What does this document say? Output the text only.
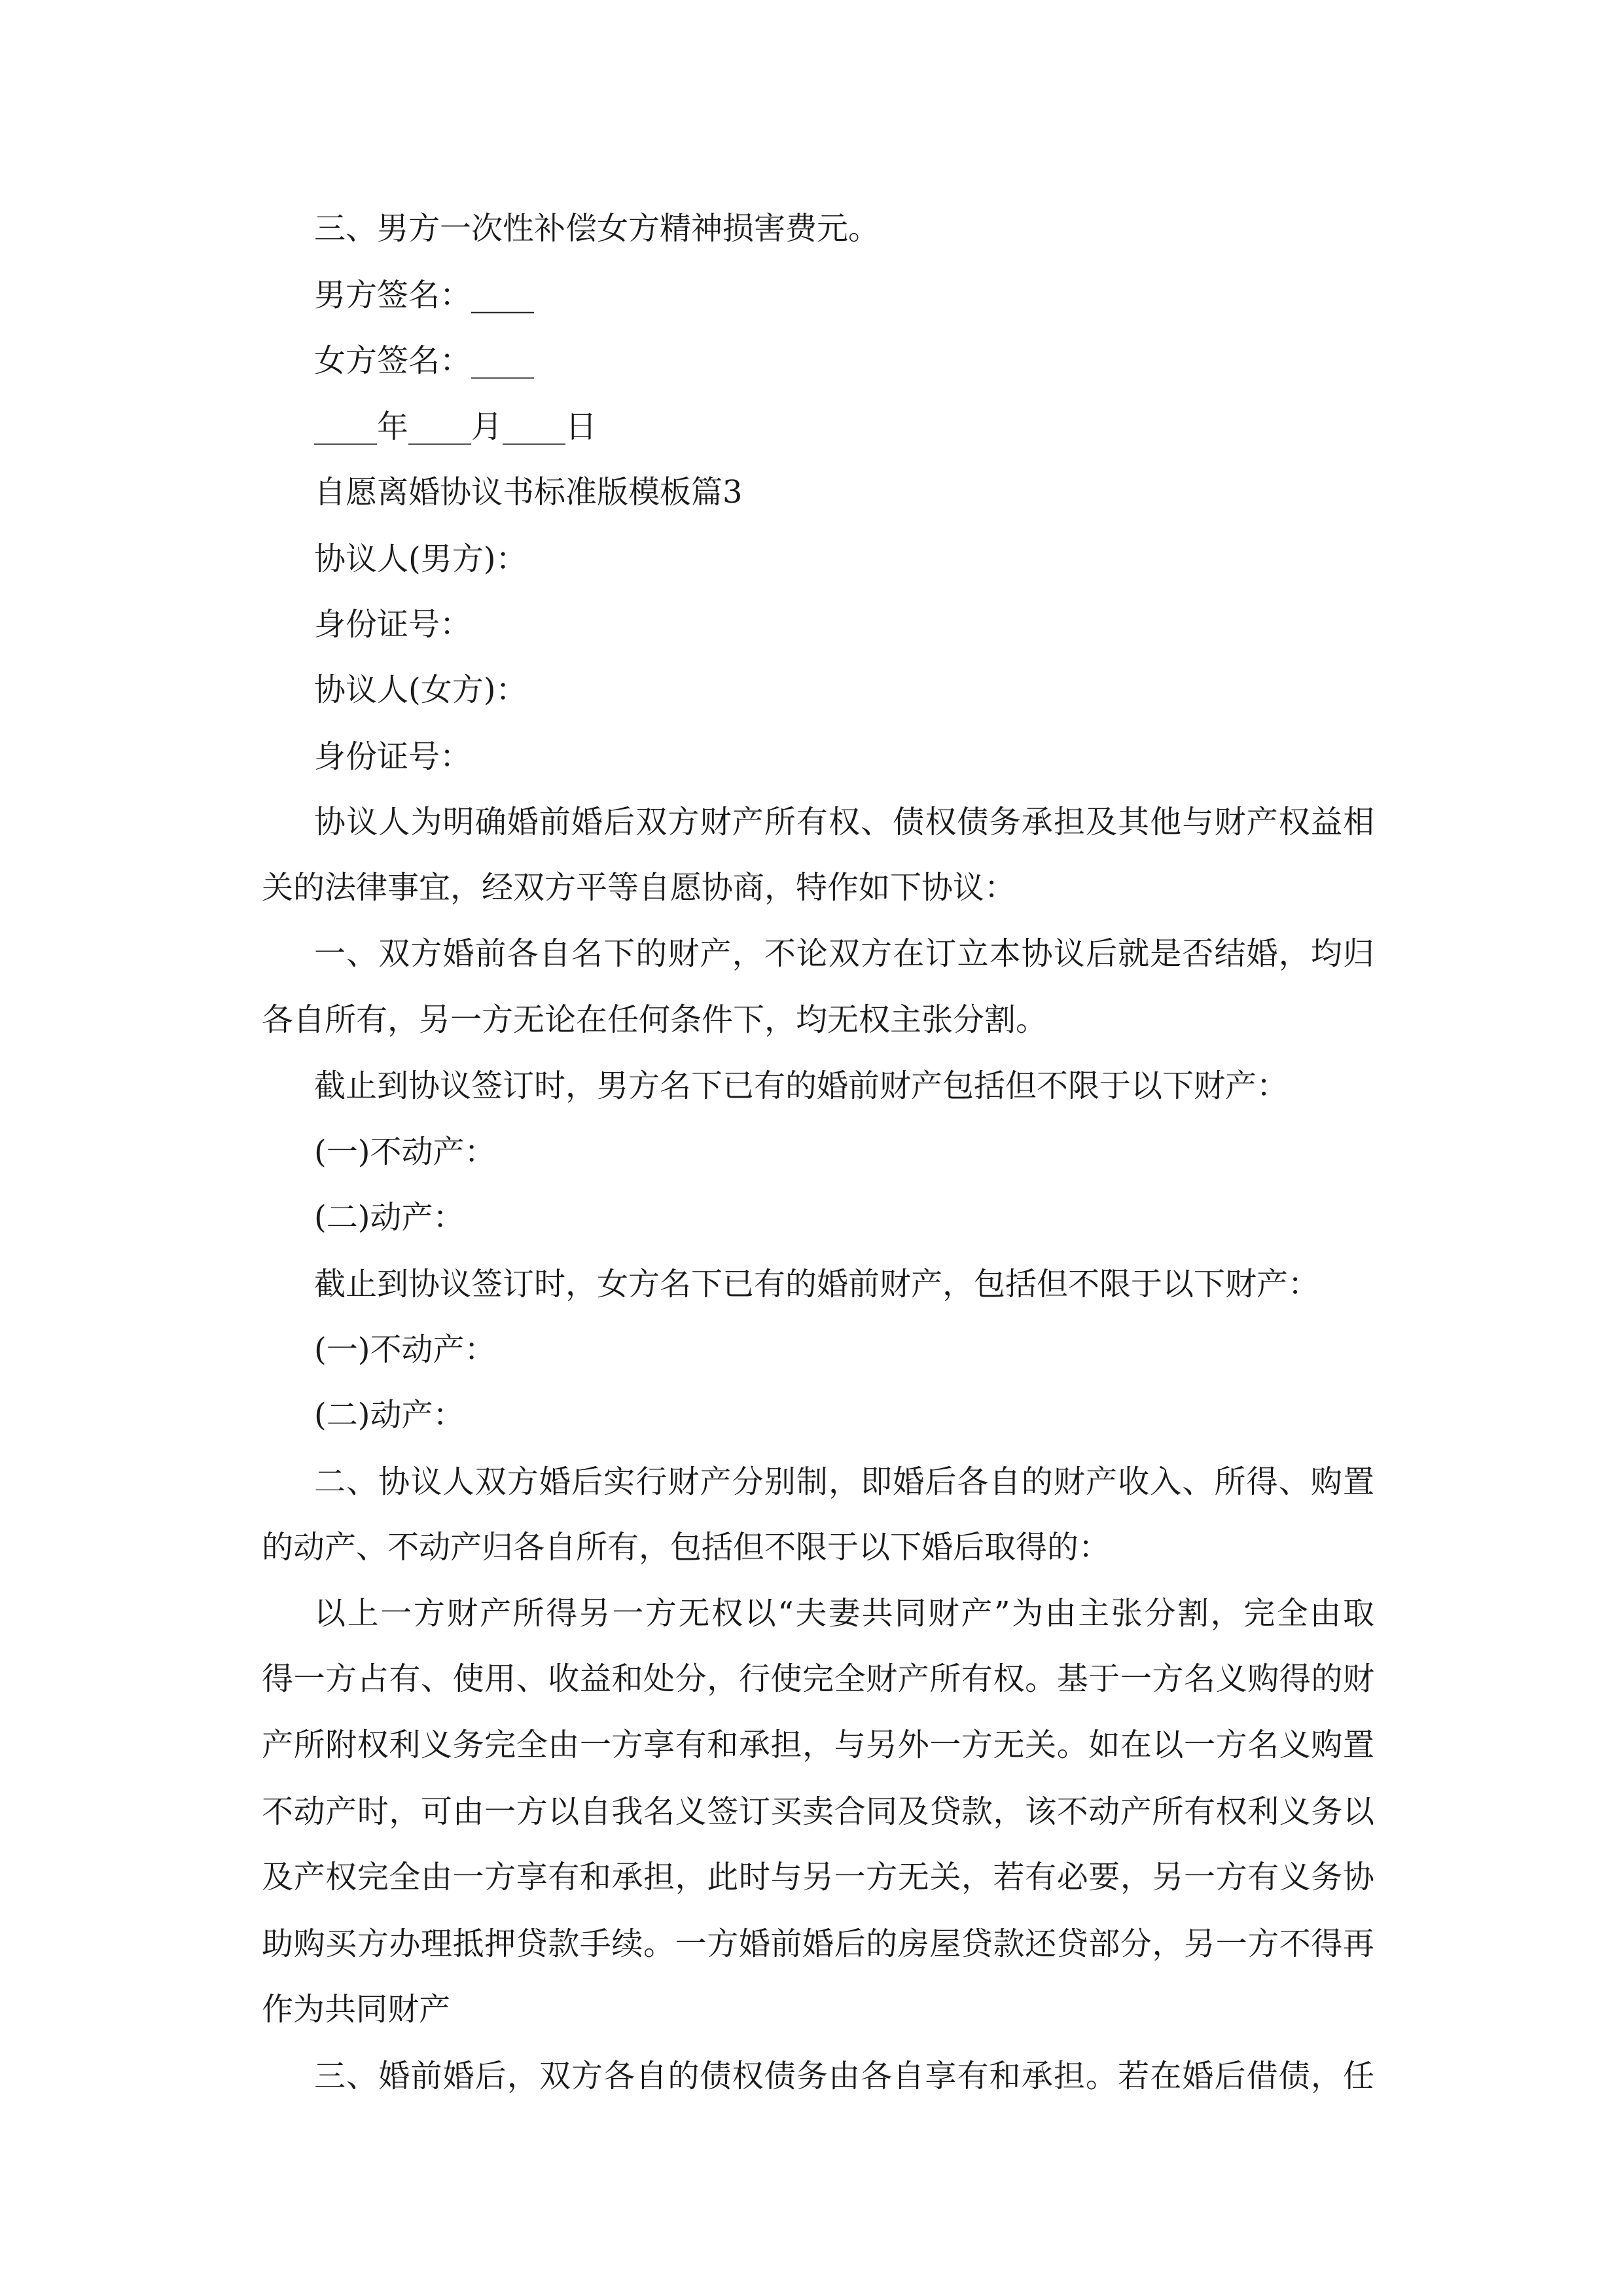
三、男方一次性补偿女方精神损害费元。
男方签名：____
女方签名：____
____年____月____日
自愿离婚协议书标准版模板篇3
协议人(男方)：
身份证号：
协议人(女方)：
身份证号：
协议人为明确婚前婚后双方财产所有权、债权债务承担及其他与财产权益相
关的法律事宜，经双方平等自愿协商，特作如下协议：
一、双方婚前各自名下的财产，不论双方在订立本协议后就是否结婚，均归
各自所有，另一方无论在任何条件下，均无权主张分割。
截止到协议签订时，男方名下已有的婚前财产包括但不限于以下财产：
(一)不动产：
(二)动产：
截止到协议签订时，女方名下已有的婚前财产，包括但不限于以下财产：
(一)不动产：
(二)动产：
二、协议人双方婚后实行财产分别制，即婚后各自的财产收入、所得、购置
的动产、不动产归各自所有，包括但不限于以下婚后取得的：
以上一方财产所得另一方无权以“夫妻共同财产”为由主张分割，完全由取
得一方占有、使用、收益和处分，行使完全财产所有权。基于一方名义购得的财
产所附权利义务完全由一方享有和承担，与另外一方无关。如在以一方名义购置
不动产时，可由一方以自我名义签订买卖合同及贷款，该不动产所有权利义务以
及产权完全由一方享有和承担，此时与另一方无关，若有必要，另一方有义务协
助购买方办理抵押贷款手续。一方婚前婚后的房屋贷款还贷部分，另一方不得再
作为共同财产
三、婚前婚后，双方各自的债权债务由各自享有和承担。若在婚后借债，任
